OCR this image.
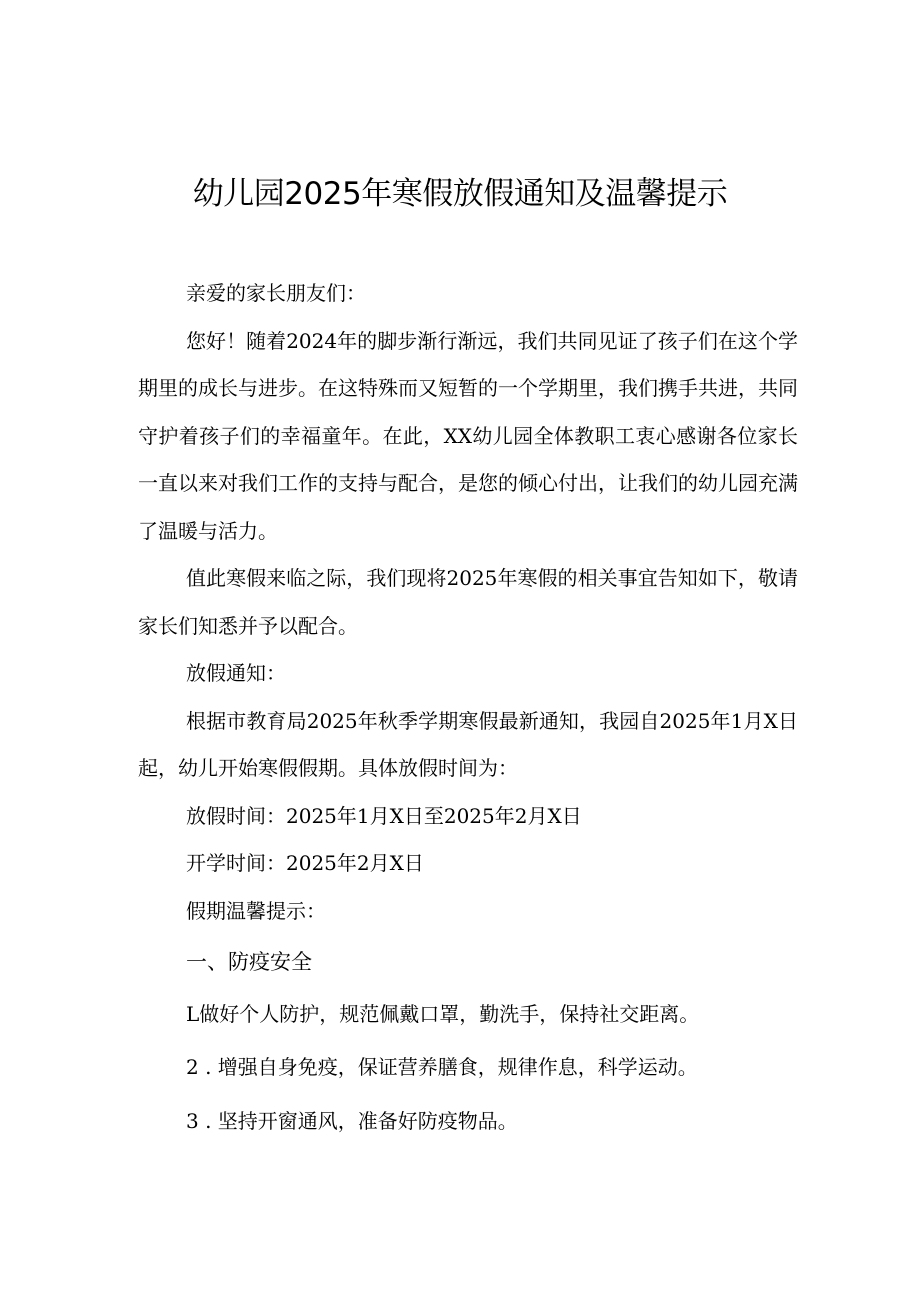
幼儿园2025年寒假放假通知及温馨提示

亲爱的家长朋友们：

您好！随着2024年的脚步渐行渐远，我们共同见证了孩子们在这个学期里的成长与进步。在这特殊而又短暂的一个学期里，我们携手共进，共同守护着孩子们的幸福童年。在此，XX幼儿园全体教职工衷心感谢各位家长一直以来对我们工作的支持与配合，是您的倾心付出，让我们的幼儿园充满了温暖与活力。

值此寒假来临之际，我们现将2025年寒假的相关事宜告知如下，敬请家长们知悉并予以配合。

放假通知：

根据市教育局2025年秋季学期寒假最新通知，我园自2025年1月X日起，幼儿开始寒假假期。具体放假时间为：

放假时间：2025年1月X日至2025年2月X日

开学时间：2025年2月X日

假期温馨提示：

一、防疫安全

L做好个人防护，规范佩戴口罩，勤洗手，保持社交距离。

2 . 增强自身免疫，保证营养膳食，规律作息，科学运动。

3 . 坚持开窗通风，准备好防疫物品。
